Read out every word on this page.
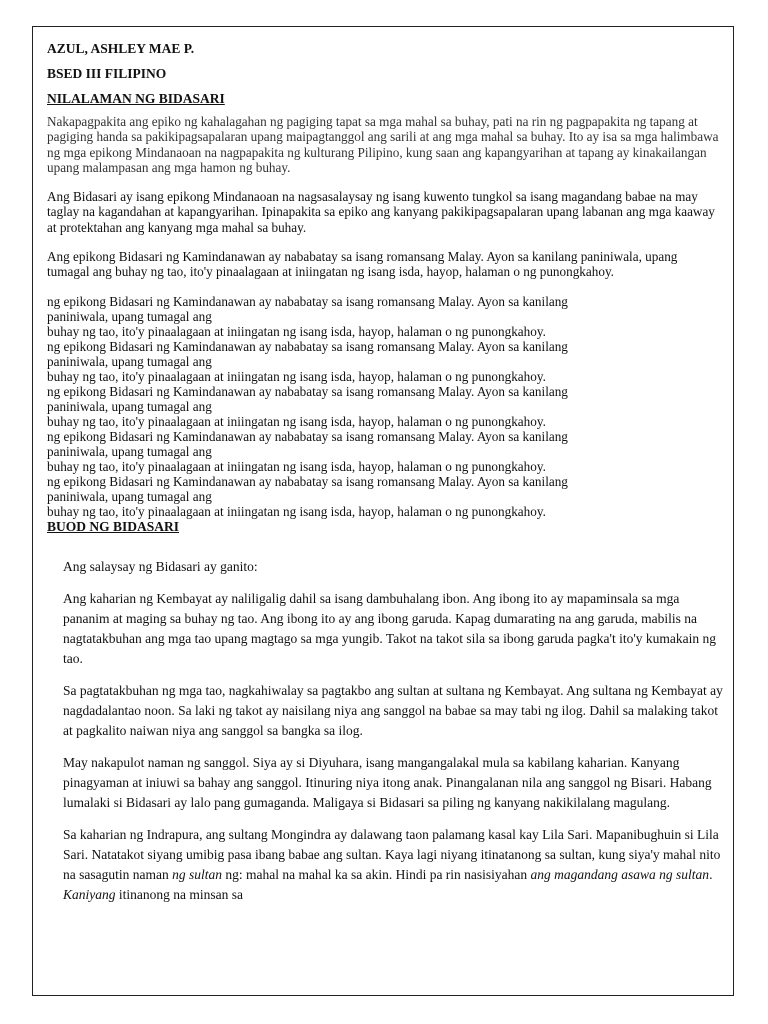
AZUL, ASHLEY MAE P.

BSED III FILIPINO

NILALAMAN NG BIDASARI

Nakapagpakita ang epiko ng kahalagahan ng pagiging tapat sa mga mahal sa buhay, pati na rin ng pagpapakita ng tapang at pagiging handa sa pakikipagsapalaran upang maipagtanggol ang sarili at ang mga mahal sa buhay. Ito ay isa sa mga halimbawa ng mga epikong Mindanaoan na nagpapakita ng kulturang Pilipino, kung saan ang kapangyarihan at tapang ay kinakailangan upang malampasan ang mga hamon ng buhay.

Ang Bidasari ay isang epikong Mindanaoan na nagsasalaysay ng isang kuwento tungkol sa isang magandang babae na may taglay na kagandahan at kapangyarihan. Ipinapakita sa epiko ang kanyang pakikipagsapalaran upang labanan ang mga kaaway at protektahan ang kanyang mga mahal sa buhay.

Ang epikong Bidasari ng Kamindanawan ay nababatay sa isang romansang Malay. Ayon sa kanilang paniniwala, upang tumagal ang buhay ng tao, ito'y pinaalagaan at iniingatan ng isang isda, hayop, halaman o ng punongkahoy.

ng epikong Bidasari ng Kamindanawan ay nababatay sa isang romansang Malay. Ayon sa kanilang
paniniwala, upang tumagal ang
buhay ng tao, ito'y pinaalagaan at iniingatan ng isang isda, hayop, halaman o ng punongkahoy.
ng epikong Bidasari ng Kamindanawan ay nababatay sa isang romansang Malay. Ayon sa kanilang
paniniwala, upang tumagal ang
buhay ng tao, ito'y pinaalagaan at iniingatan ng isang isda, hayop, halaman o ng punongkahoy.
ng epikong Bidasari ng Kamindanawan ay nababatay sa isang romansang Malay. Ayon sa kanilang
paniniwala, upang tumagal ang
buhay ng tao, ito'y pinaalagaan at iniingatan ng isang isda, hayop, halaman o ng punongkahoy.
ng epikong Bidasari ng Kamindanawan ay nababatay sa isang romansang Malay. Ayon sa kanilang
paniniwala, upang tumagal ang
buhay ng tao, ito'y pinaalagaan at iniingatan ng isang isda, hayop, halaman o ng punongkahoy.
ng epikong Bidasari ng Kamindanawan ay nababatay sa isang romansang Malay. Ayon sa kanilang
paniniwala, upang tumagal ang
buhay ng tao, ito'y pinaalagaan at iniingatan ng isang isda, hayop, halaman o ng punongkahoy.

BUOD NG BIDASARI

Ang salaysay ng Bidasari ay ganito:

Ang kaharian ng Kembayat ay naliligalig dahil sa isang dambuhalang ibon. Ang ibong ito ay mapaminsala sa mga pananim at maging sa buhay ng tao. Ang ibong ito ay ang ibong garuda. Kapag dumarating na ang garuda, mabilis na nagtatakbuhan ang mga tao upang magtago sa mga yungib. Takot na takot sila sa ibong garuda pagka't ito'y kumakain ng tao.

Sa pagtatakbuhan ng mga tao, nagkahiwalay sa pagtakbo ang sultan at sultana ng Kembayat. Ang sultana ng Kembayat ay nagdadalantao noon. Sa laki ng takot ay naisilang niya ang sanggol na babae sa may tabi ng ilog. Dahil sa malaking takot at pagkalito naiwan niya ang sanggol sa bangka sa ilog.

May nakapulot naman ng sanggol. Siya ay si Diyuhara, isang mangangalakal mula sa kabilang kaharian. Kanyang pinagyaman at iniuwi sa bahay ang sanggol. Itinuring niya itong anak. Pinangalanan nila ang sanggol ng Bisari. Habang lumalaki si Bidasari ay lalo pang gumaganda. Maligaya si Bidasari sa piling ng kanyang nakikilalang magulang.

Sa kaharian ng Indrapura, ang sultang Mongindra ay dalawang taon palamang kasal kay Lila Sari. Mapanibughuin si Lila Sari. Natatakot siyang umibig pasa ibang babae ang sultan. Kaya lagi niyang itinatanong sa sultan, kung siya'y mahal nito na sasagutin naman ng sultan ng: mahal na mahal ka sa akin. Hindi pa rin nasisiyahan ang magandang asawa ng sultan. Kaniyang itinanong na minsan sa
